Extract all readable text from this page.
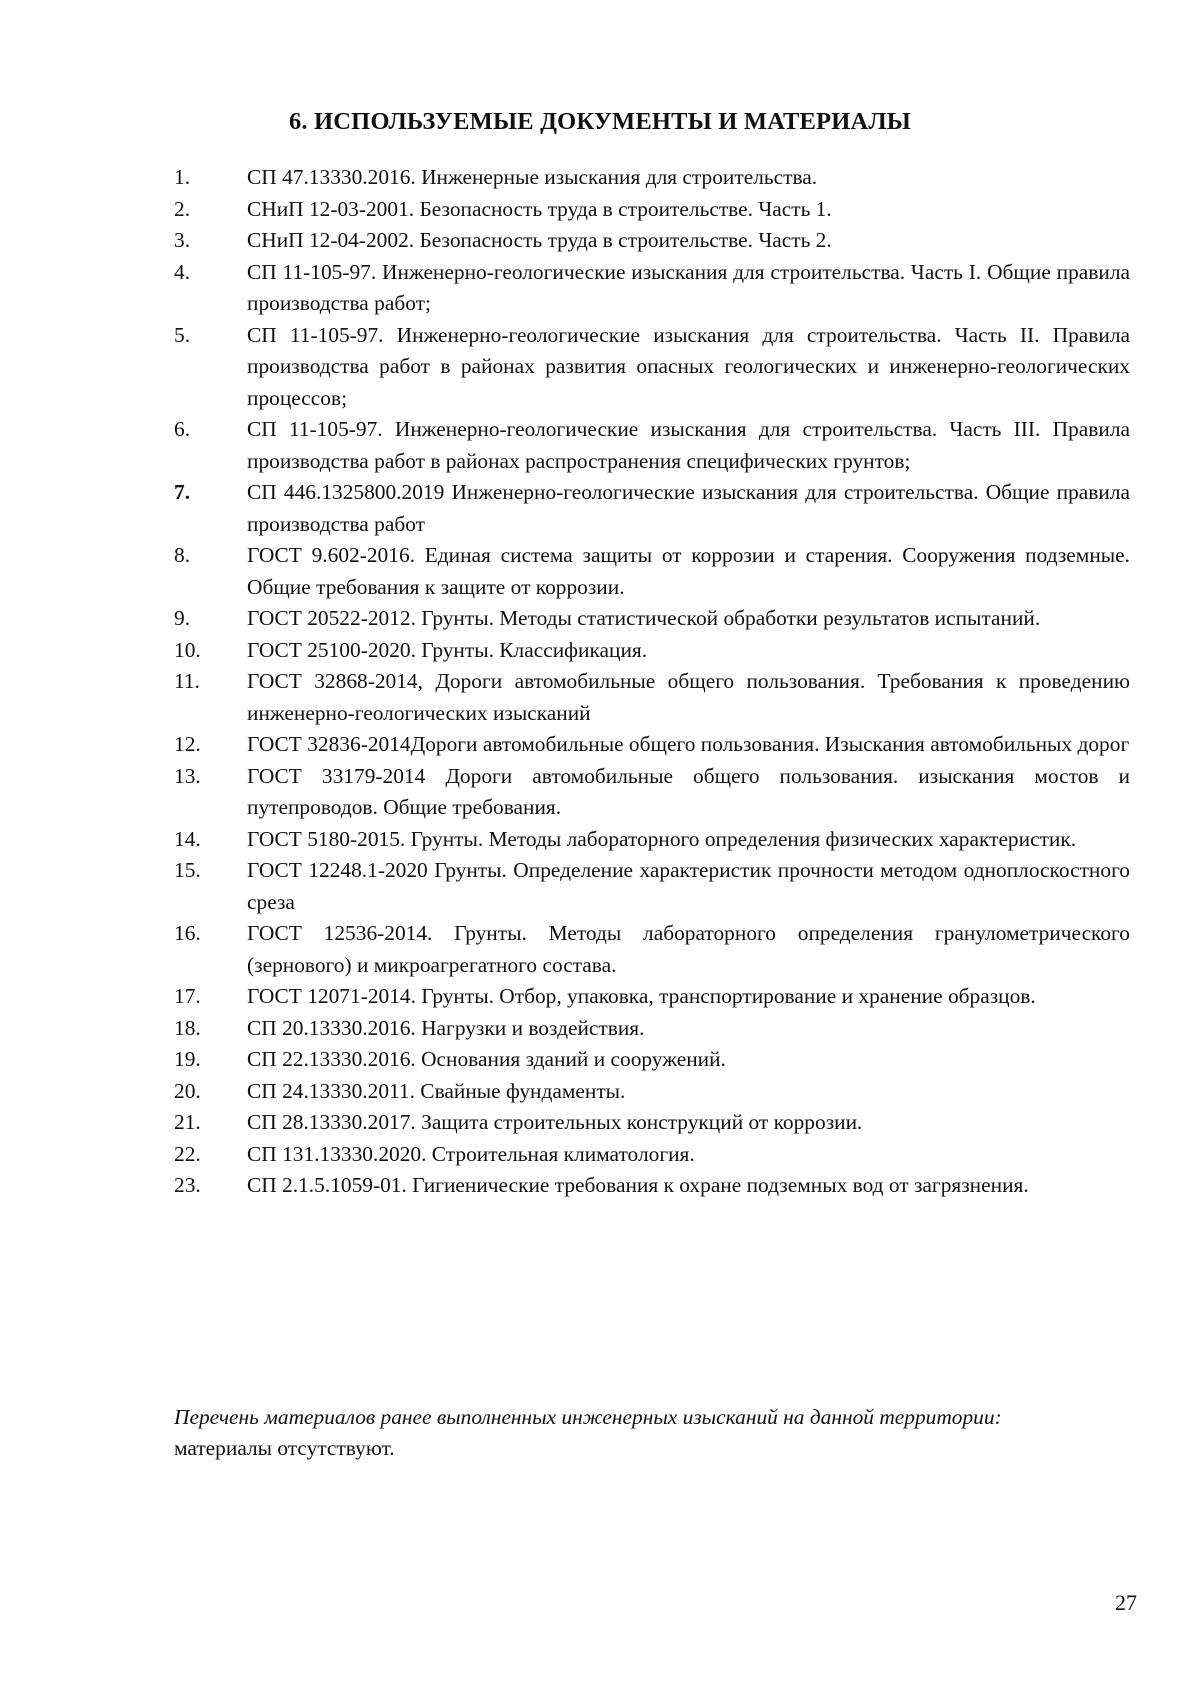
6. ИСПОЛЬЗУЕМЫЕ ДОКУМЕНТЫ И МАТЕРИАЛЫ
1.	СП 47.13330.2016. Инженерные изыскания для строительства.
2.	СНиП 12-03-2001. Безопасность труда в строительстве. Часть 1.
3.	СНиП 12-04-2002. Безопасность труда в строительстве. Часть 2.
4.	СП 11-105-97. Инженерно-геологические изыскания для строительства. Часть I. Общие правила производства работ;
5.	СП 11-105-97. Инженерно-геологические изыскания для строительства. Часть II. Правила производства работ в районах развития опасных геологических и инженерно-геологических процессов;
6.	СП 11-105-97. Инженерно-геологические изыскания для строительства. Часть III. Правила производства работ в районах распространения специфических грунтов;
7.	СП 446.1325800.2019 Инженерно-геологические изыскания для строительства. Общие правила производства работ
8.	ГОСТ 9.602-2016. Единая система защиты от коррозии и старения. Сооружения подземные. Общие требования к защите от коррозии.
9.	ГОСТ 20522-2012. Грунты. Методы статистической обработки результатов испытаний.
10.	ГОСТ 25100-2020. Грунты. Классификация.
11.	ГОСТ 32868-2014, Дороги автомобильные общего пользования. Требования к проведению инженерно-геологических изысканий
12.	ГОСТ 32836-2014Дороги автомобильные общего пользования. Изыскания автомобильных дорог
13.	ГОСТ 33179-2014 Дороги автомобильные общего пользования. изыскания мостов и путепроводов. Общие требования.
14.	ГОСТ 5180-2015. Грунты. Методы лабораторного определения физических характеристик.
15.	ГОСТ 12248.1-2020 Грунты. Определение характеристик прочности методом одноплоскостного среза
16.	ГОСТ 12536-2014. Грунты. Методы лабораторного определения гранулометрического (зернового) и микроагрегатного состава.
17.	ГОСТ 12071-2014. Грунты. Отбор, упаковка, транспортирование и хранение образцов.
18.	СП 20.13330.2016. Нагрузки и воздействия.
19.	СП 22.13330.2016. Основания зданий и сооружений.
20.	СП 24.13330.2011. Свайные фундаменты.
21.	СП 28.13330.2017. Защита строительных конструкций от коррозии.
22.	СП 131.13330.2020. Строительная климатология.
23.	СП 2.1.5.1059-01. Гигиенические требования к охране подземных вод от загрязнения.
Перечень материалов ранее выполненных инженерных изысканий на данной территории:
материалы отсутствуют.
27
